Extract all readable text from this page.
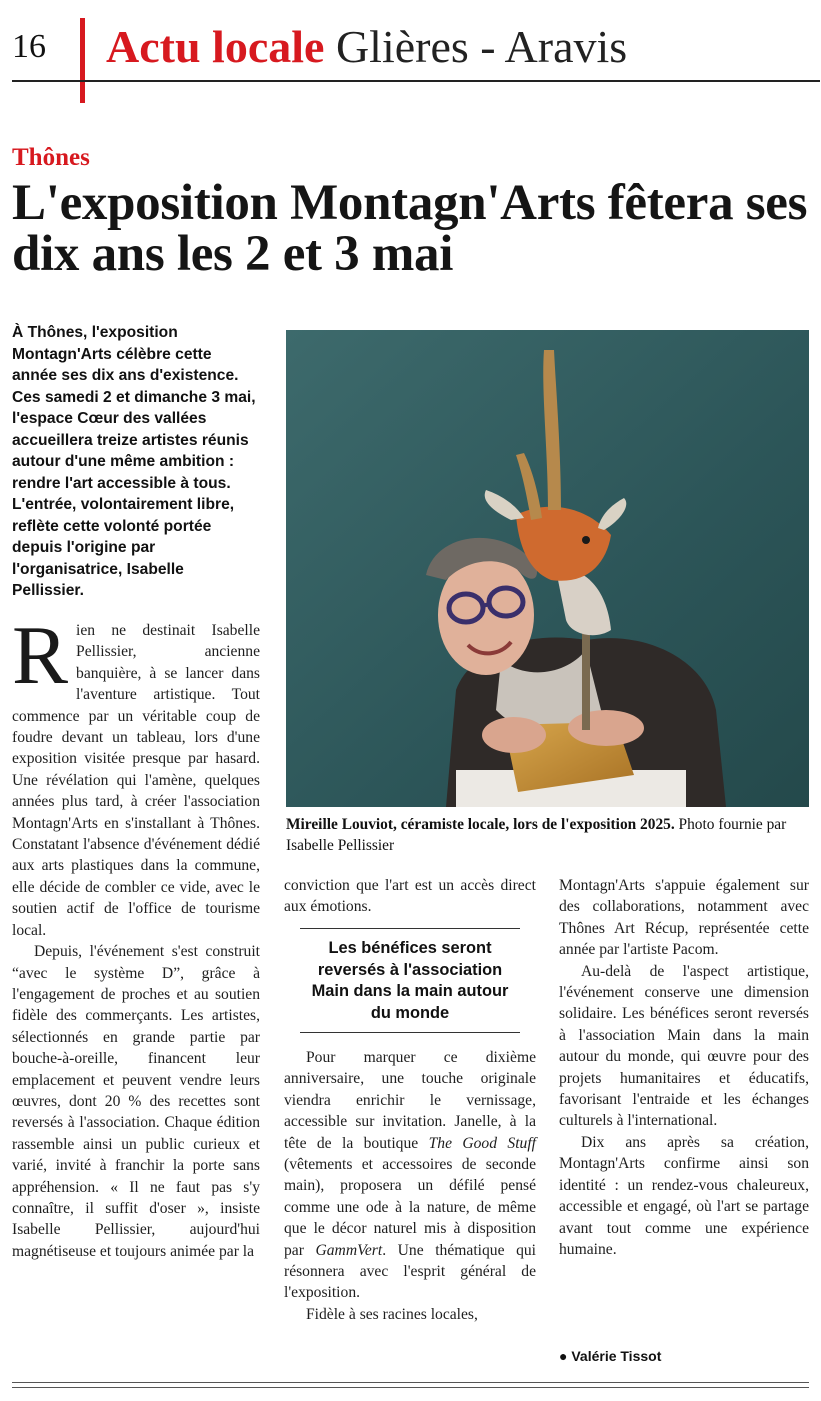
16 Actu locale Glières - Aravis
Thônes
L'exposition Montagn'Arts fêtera ses dix ans les 2 et 3 mai

À Thônes, l'exposition Montagn'Arts célèbre cette année ses dix ans d'existence. Ces samedi 2 et dimanche 3 mai, l'espace Cœur des vallées accueillera treize artistes réunis autour d'une même ambition : rendre l'art accessible à tous. L'entrée, volontairement libre, reflète cette volonté portée depuis l'origine par l'organisatrice, Isabelle Pellissier.

Rien ne destinait Isabelle Pellissier, ancienne banquière, à se lancer dans l'aventure artistique. Tout commence par un véritable coup de foudre devant un tableau, lors d'une exposition visitée presque par hasard. Une révélation qui l'amène, quelques années plus tard, à créer l'association Montagn'Arts en s'installant à Thônes. Constatant l'absence d'événement dédié aux arts plastiques dans la commune, elle décide de combler ce vide, avec le soutien actif de l'office de tourisme local.

Depuis, l'événement s'est construit “avec le système D”, grâce à l'engagement de proches et au soutien fidèle des commerçants. Les artistes, sélectionnés en grande partie par bouche-à-oreille, financent leur emplacement et peuvent vendre leurs œuvres, dont 20 % des recettes sont reversés à l'association. Chaque édition rassemble ainsi un public curieux et varié, invité à franchir la porte sans appréhension. « Il ne faut pas s'y connaître, il suffit d'oser », insiste Isabelle Pellissier, aujourd'hui magnétiseuse et toujours animée par la

Mireille Louviot, céramiste locale, lors de l'exposition 2025. Photo fournie par Isabelle Pellissier

conviction que l'art est un accès direct aux émotions.

Les bénéfices seront reversés à l'association Main dans la main autour du monde

Pour marquer ce dixième anniversaire, une touche originale viendra enrichir le vernissage, accessible sur invitation. Janelle, à la tête de la boutique The Good Stuff (vêtements et accessoires de seconde main), proposera un défilé pensé comme une ode à la nature, de même que le décor naturel mis à disposition par GammVert. Une thématique qui résonnera avec l'esprit général de l'exposition.

Fidèle à ses racines locales,

Montagn'Arts s'appuie également sur des collaborations, notamment avec Thônes Art Récup, représentée cette année par l'artiste Pacom.

Au-delà de l'aspect artistique, l'événement conserve une dimension solidaire. Les bénéfices seront reversés à l'association Main dans la main autour du monde, qui œuvre pour des projets humanitaires et éducatifs, favorisant l'entraide et les échanges culturels à l'international.

Dix ans après sa création, Montagn'Arts confirme ainsi son identité : un rendez-vous chaleureux, accessible et engagé, où l'art se partage avant tout comme une expérience humaine.

● Valérie Tissot
